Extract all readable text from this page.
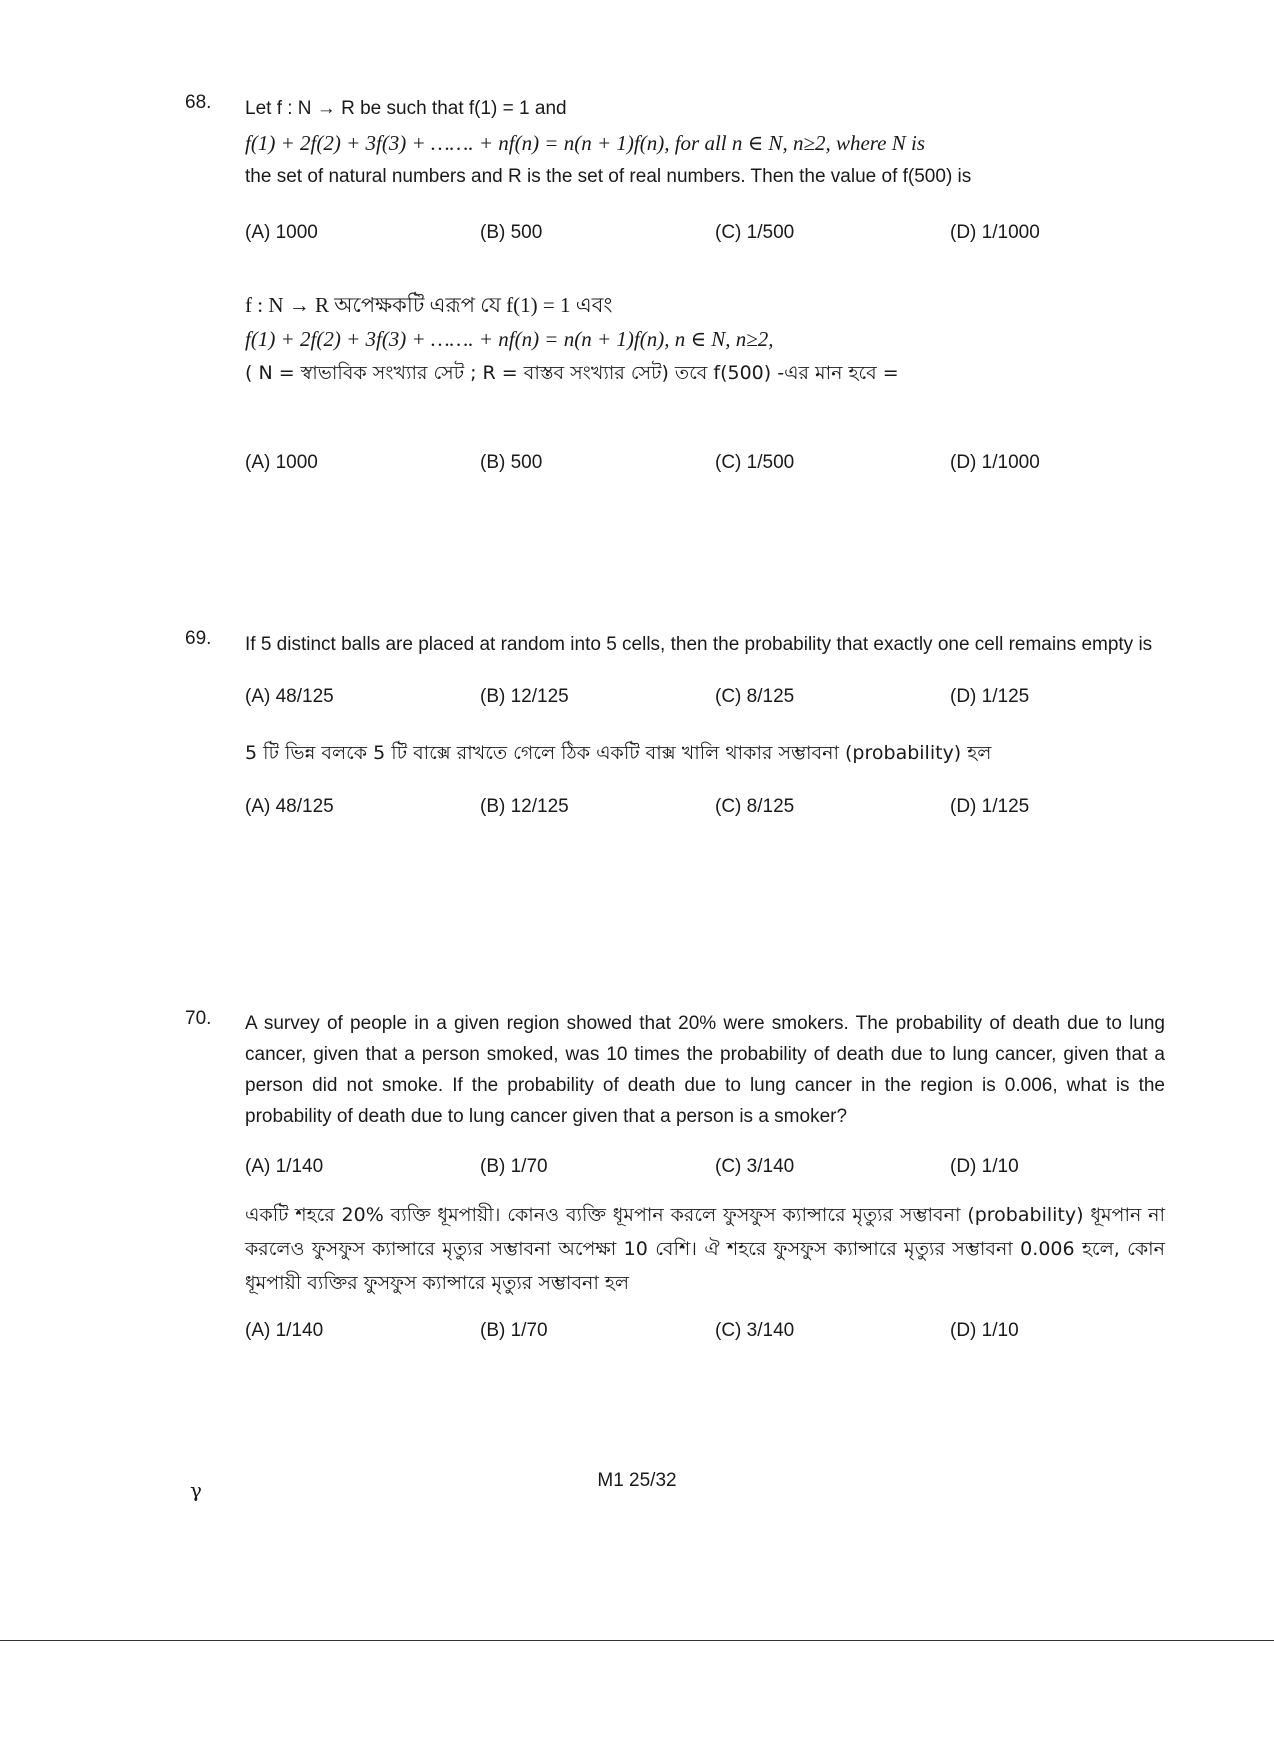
68. Let f : N → R be such that f(1) = 1 and
f(1) + 2f(2) + 3f(3) + ……. + nf(n) = n(n + 1)f(n), for all n ∈ N, n≥2, where N is
the set of natural numbers and R is the set of real numbers. Then the value of f(500) is
(A) 1000	(B) 500	(C) 1/500	(D) 1/1000
f : N → R অপেক্ষকটি এরূপ যে f(1) = 1 এবং
f(1) + 2f(2) + 3f(3) + ……. + nf(n) = n(n + 1)f(n), n ∈ N, n≥2,
( N = স্বাভাবিক সংখ্যার সেট ; R = বাস্তব সংখ্যার সেট) তবে f(500) -এর মান হবে =
(A) 1000	(B) 500	(C) 1/500	(D) 1/1000
69. If 5 distinct balls are placed at random into 5 cells, then the probability that exactly one cell remains empty is
(A) 48/125	(B) 12/125	(C) 8/125	(D) 1/125
5 টি ভিন্ন বলকে 5 টি বাক্সে রাখতে গেলে ঠিক একটি বাক্স খালি থাকার সম্ভাবনা (probability) হল
(A) 48/125	(B) 12/125	(C) 8/125	(D) 1/125
70. A survey of people in a given region showed that 20% were smokers. The probability of death due to lung cancer, given that a person smoked, was 10 times the probability of death due to lung cancer, given that a person did not smoke. If the probability of death due to lung cancer in the region is 0.006, what is the probability of death due to lung cancer given that a person is a smoker?
(A) 1/140	(B) 1/70	(C) 3/140	(D) 1/10
একটি শহরে 20% ব্যক্তি ধূমপায়ী। কোনও ব্যক্তি ধূমপান করলে ফুসফুস ক্যান্সারে মৃত্যুর সম্ভাবনা (probability) ধূমপান না করলেও ফুসফুস ক্যান্সারে মৃত্যুর সম্ভাবনা অপেক্ষা 10 বেশি। ঐ শহরে ফুসফুস ক্যান্সারে মৃত্যুর সম্ভাবনা 0.006 হলে, কোন ধূমপায়ী ব্যক্তির ফুসফুস ক্যান্সারে মৃত্যুর সম্ভাবনা হল
(A) 1/140	(B) 1/70	(C) 3/140	(D) 1/10
γ	M1 25/32
